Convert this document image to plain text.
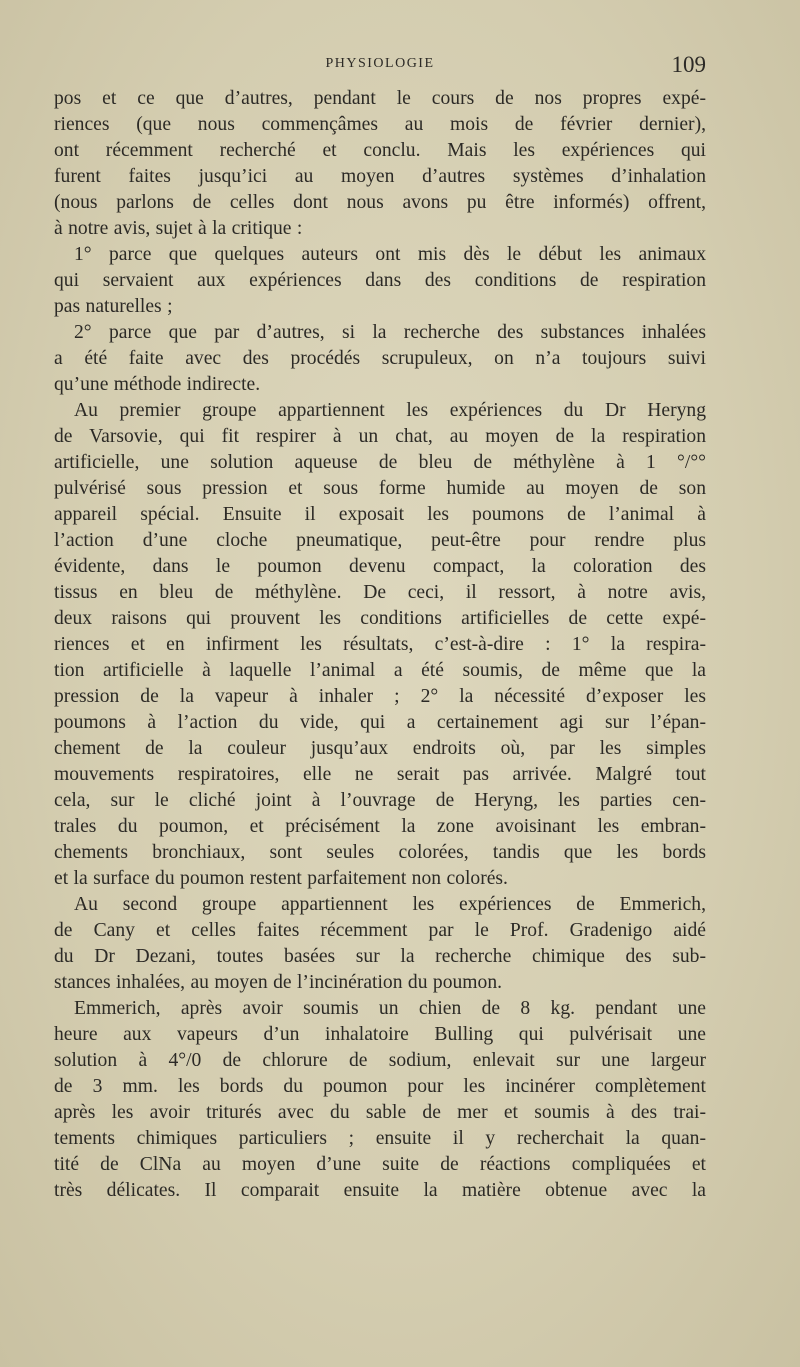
PHYSIOLOGIE	109
pos et ce que d’autres, pendant le cours de nos propres expé-
riences (que nous commençâmes au mois de février dernier),
ont récemment recherché et conclu. Mais les expériences qui
furent faites jusqu’ici au moyen d’autres systèmes d’inhalation
(nous parlons de celles dont nous avons pu être informés) offrent,
à notre avis, sujet à la critique :
1° parce que quelques auteurs ont mis dès le début les animaux
qui servaient aux expériences dans des conditions de respiration
pas naturelles ;
2° parce que par d’autres, si la recherche des substances inhalées
a été faite avec des procédés scrupuleux, on n’a toujours suivi
qu’une méthode indirecte.
Au premier groupe appartiennent les expériences du Dr Heryng
de Varsovie, qui fit respirer à un chat, au moyen de la respiration
artificielle, une solution aqueuse de bleu de méthylène à 1 °/°°
pulvérisé sous pression et sous forme humide au moyen de son
appareil spécial. Ensuite il exposait les poumons de l’animal à
l’action d’une cloche pneumatique, peut-être pour rendre plus
évidente, dans le poumon devenu compact, la coloration des
tissus en bleu de méthylène. De ceci, il ressort, à notre avis,
deux raisons qui prouvent les conditions artificielles de cette expé-
riences et en infirment les résultats, c’est-à-dire : 1° la respira-
tion artificielle à laquelle l’animal a été soumis, de même que la
pression de la vapeur à inhaler ; 2° la nécessité d’exposer les
poumons à l’action du vide, qui a certainement agi sur l’épan-
chement de la couleur jusqu’aux endroits où, par les simples
mouvements respiratoires, elle ne serait pas arrivée. Malgré tout
cela, sur le cliché joint à l’ouvrage de Heryng, les parties cen-
trales du poumon, et précisément la zone avoisinant les embran-
chements bronchiaux, sont seules colorées, tandis que les bords
et la surface du poumon restent parfaitement non colorés.
Au second groupe appartiennent les expériences de Emmerich,
de Cany et celles faites récemment par le Prof. Gradenigo aidé
du Dr Dezani, toutes basées sur la recherche chimique des sub-
stances inhalées, au moyen de l’incinération du poumon.
Emmerich, après avoir soumis un chien de 8 kg. pendant une
heure aux vapeurs d’un inhalatoire Bulling qui pulvérisait une
solution à 4°/0 de chlorure de sodium, enlevait sur une largeur
de 3 mm. les bords du poumon pour les incinérer complètement
après les avoir triturés avec du sable de mer et soumis à des trai-
tements chimiques particuliers ; ensuite il y recherchait la quan-
tité de ClNa au moyen d’une suite de réactions compliquées et
très délicates. Il comparait ensuite la matière obtenue avec la
